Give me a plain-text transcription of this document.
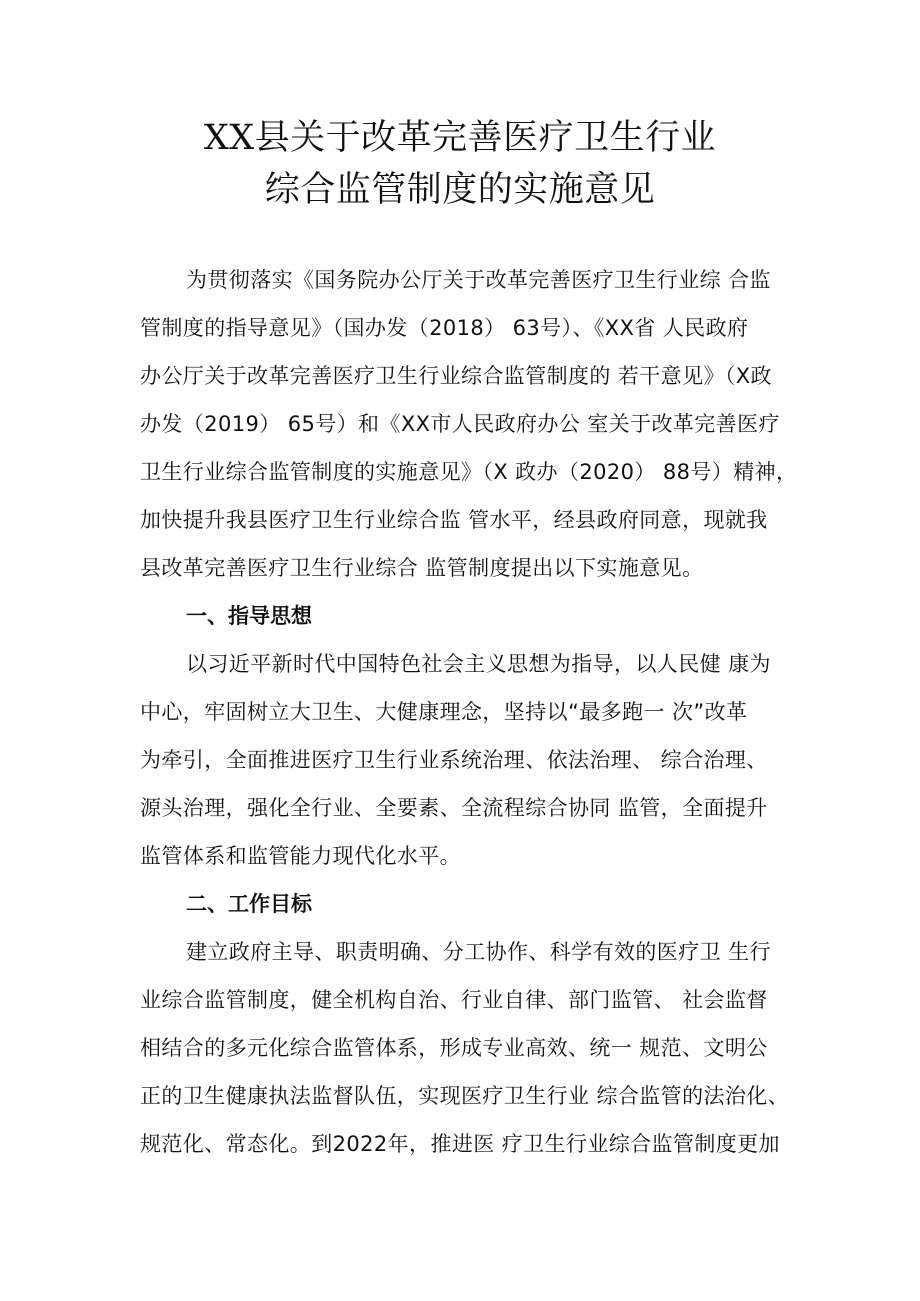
XX县关于改革完善医疗卫生行业
综合监管制度的实施意见

为贯彻落实《国务院办公厅关于改革完善医疗卫生行业综 合监

管制度的指导意见》（国办发（2018） 63号）、《XX省 人民政府

办公厅关于改革完善医疗卫生行业综合监管制度的 若干意见》（X政

办发（2019） 65号）和《XX市人民政府办公 室关于改革完善医疗

卫生行业综合监管制度的实施意见》（X 政办（2020） 88号）精神，

加快提升我县医疗卫生行业综合监 管水平，经县政府同意，现就我

县改革完善医疗卫生行业综合 监管制度提出以下实施意见。

一、指导思想

以习近平新时代中国特色社会主义思想为指导，以人民健 康为

中心，牢固树立大卫生、大健康理念，坚持以“最多跑一 次”改革

为牵引，全面推进医疗卫生行业系统治理、依法治理、 综合治理、

源头治理，强化全行业、全要素、全流程综合协同 监管，全面提升

监管体系和监管能力现代化水平。

二、工作目标

建立政府主导、职责明确、分工协作、科学有效的医疗卫 生行

业综合监管制度，健全机构自治、行业自律、部门监管、 社会监督

相结合的多元化综合监管体系，形成专业高效、统一 规范、文明公

正的卫生健康执法监督队伍，实现医疗卫生行业 综合监管的法治化、

规范化、常态化。到2022年，推进医 疗卫生行业综合监管制度更加
